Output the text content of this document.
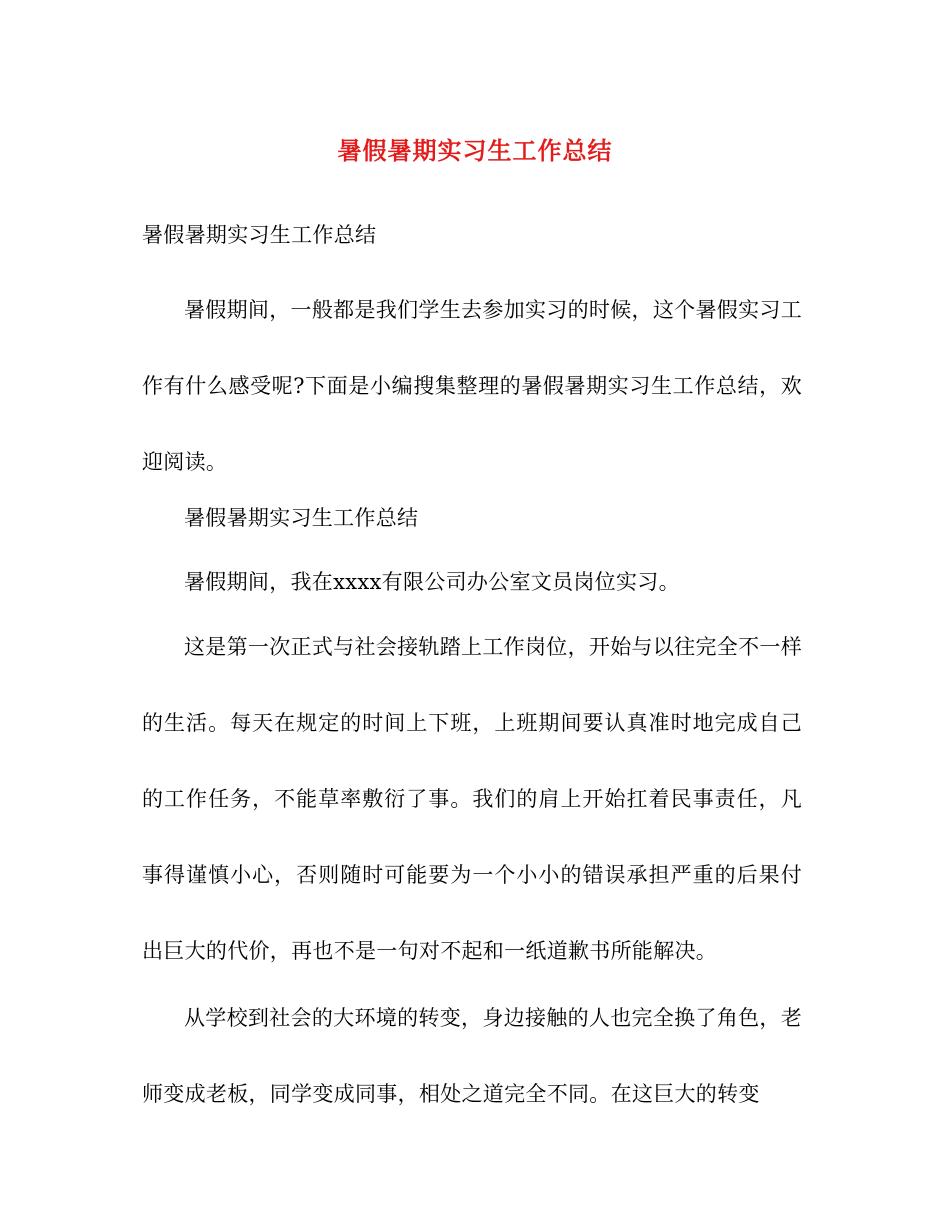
暑假暑期实习生工作总结

暑假暑期实习生工作总结

暑假期间，一般都是我们学生去参加实习的时候，这个暑假实习工作有什么感受呢?下面是小编搜集整理的暑假暑期实习生工作总结，欢迎阅读。

暑假暑期实习生工作总结

暑假期间，我在xxxx有限公司办公室文员岗位实习。

这是第一次正式与社会接轨踏上工作岗位，开始与以往完全不一样的生活。每天在规定的时间上下班，上班期间要认真准时地完成自己的工作任务，不能草率敷衍了事。我们的肩上开始扛着民事责任，凡事得谨慎小心，否则随时可能要为一个小小的错误承担严重的后果付出巨大的代价，再也不是一句对不起和一纸道歉书所能解决。

从学校到社会的大环境的转变，身边接触的人也完全换了角色，老师变成老板，同学变成同事，相处之道完全不同。在这巨大的转变
